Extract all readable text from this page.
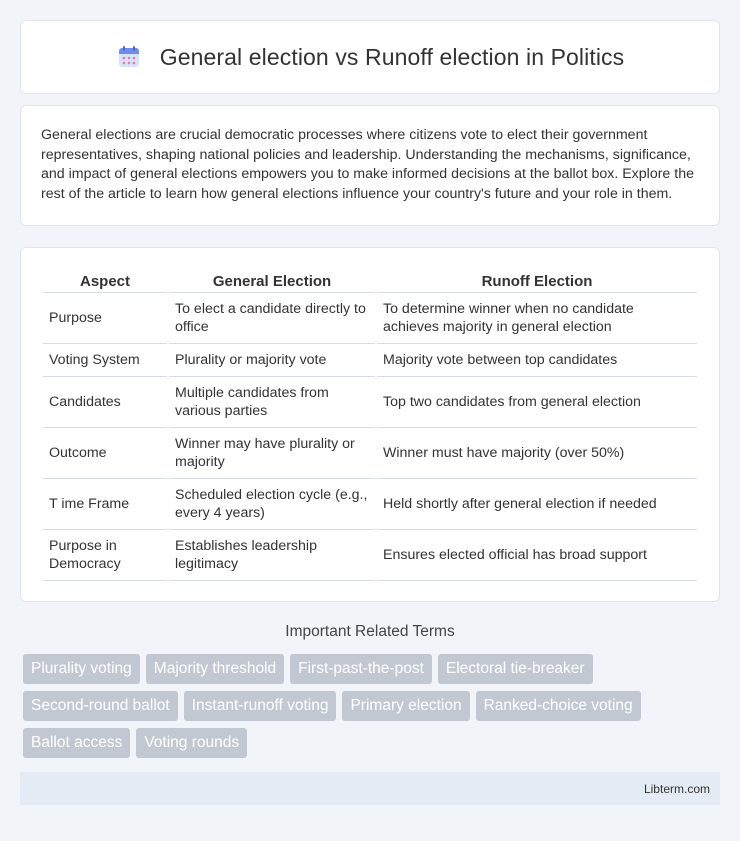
General election vs Runoff election in Politics

General elections are crucial democratic processes where citizens vote to elect their government representatives, shaping national policies and leadership. Understanding the mechanisms, significance, and impact of general elections empowers you to make informed decisions at the ballot box. Explore the rest of the article to learn how general elections influence your country's future and your role in them.

Aspect	General Election	Runoff Election
Purpose	To elect a candidate directly to office	To determine winner when no candidate achieves majority in general election
Voting System	Plurality or majority vote	Majority vote between top candidates
Candidates	Multiple candidates from various parties	Top two candidates from general election
Outcome	Winner may have plurality or majority	Winner must have majority (over 50%)
T ime Frame	Scheduled election cycle (e.g., every 4 years)	Held shortly after general election if needed
Purpose in Democracy	Establishes leadership legitimacy	Ensures elected official has broad support
Important Related Terms
Plurality voting	Majority threshold	First-past-the-post	Electoral tie-breaker
Second-round ballot	Instant-runoff voting	Primary election	Ranked-choice voting
Ballot access	Voting rounds
Libterm.com
